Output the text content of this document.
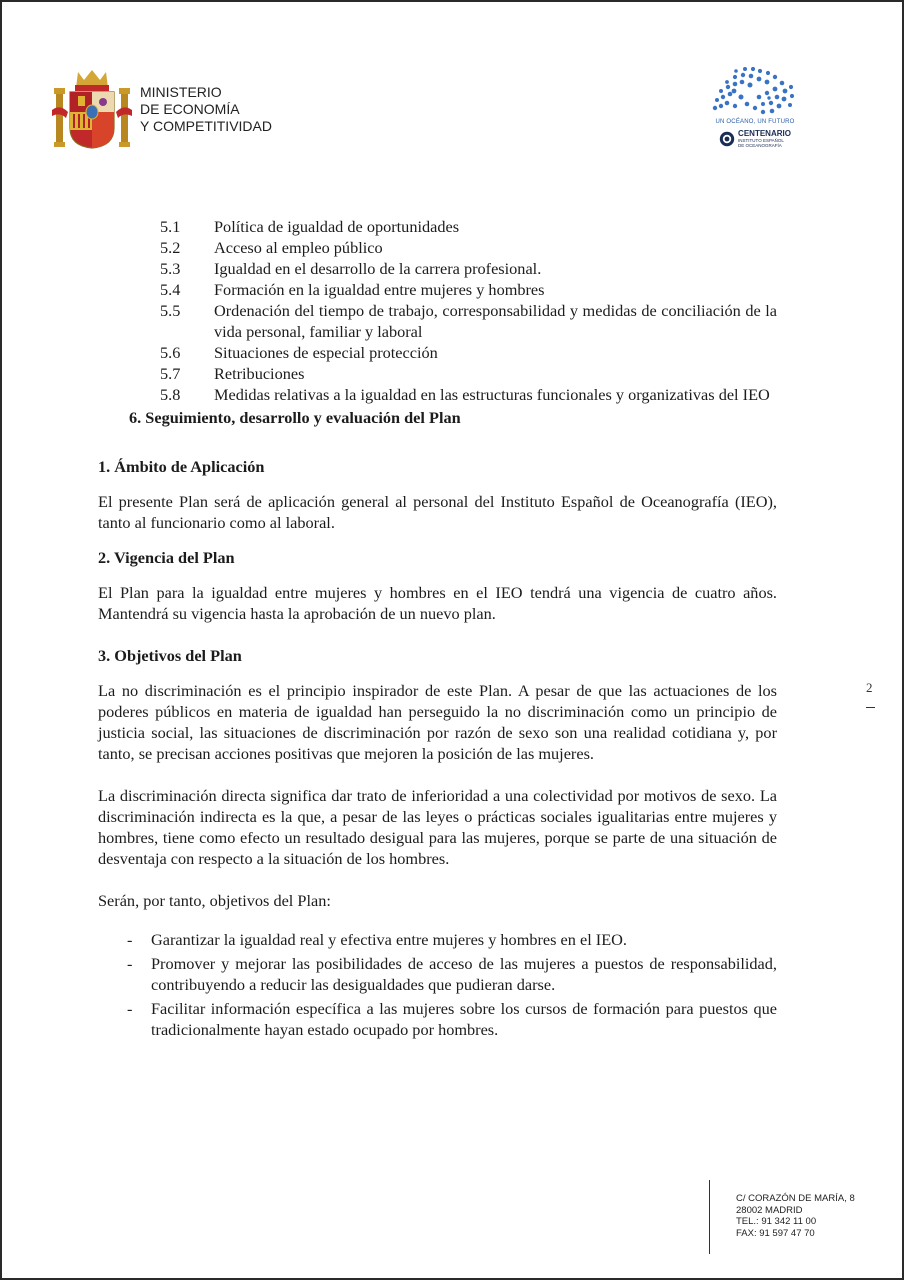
MINISTERIO
DE ECONOMÍA
Y COMPETITIVIDAD	UN OCÉANO, UN FUTURO
CENTENARIO
INSTITUTO ESPAÑOL
DE OCEANOGRAFÍA
5.1	Política de igualdad de oportunidades
5.2	Acceso al empleo público
5.3	Igualdad en el desarrollo de la carrera profesional.
5.4	Formación en la igualdad entre mujeres y hombres
5.5	Ordenación del tiempo de trabajo, corresponsabilidad y medidas de conciliación de la vida personal, familiar y laboral
5.6	Situaciones de especial protección
5.7	Retribuciones
5.8	Medidas relativas a la igualdad en las estructuras funcionales y organizativas del IEO
6. Seguimiento, desarrollo y evaluación del Plan
1. Ámbito de Aplicación
El presente Plan será de aplicación general al personal del Instituto Español de Oceanografía (IEO), tanto al funcionario como al laboral.
2. Vigencia del Plan
El Plan para la igualdad entre mujeres y hombres en el IEO tendrá una vigencia de cuatro años. Mantendrá su vigencia hasta la aprobación de un nuevo plan.
3. Objetivos del Plan
La no discriminación es el principio inspirador de este Plan. A pesar de que las actuaciones de los poderes públicos en materia de igualdad han perseguido la no discriminación como un principio de justicia social, las situaciones de discriminación por razón de sexo son una realidad cotidiana y, por tanto, se precisan acciones positivas que mejoren la posición de las mujeres.
La discriminación directa significa dar trato de inferioridad a una colectividad por motivos de sexo. La discriminación indirecta es la que, a pesar de las leyes o prácticas sociales igualitarias entre mujeres y hombres, tiene como efecto un resultado desigual para las mujeres, porque se parte de una situación de desventaja con respecto a la situación de los hombres.
Serán, por tanto, objetivos del Plan:
-	Garantizar la igualdad real y efectiva entre mujeres y hombres en el IEO.
-	Promover y mejorar las posibilidades de acceso de las mujeres a puestos de responsabilidad, contribuyendo a reducir las desigualdades que pudieran darse.
-	Facilitar información específica a las mujeres sobre los cursos de formación para puestos que tradicionalmente hayan estado ocupado por hombres.
2
C/ CORAZÓN DE MARÍA, 8
28002 MADRID
TEL.: 91 342 11 00
FAX: 91 597 47 70
